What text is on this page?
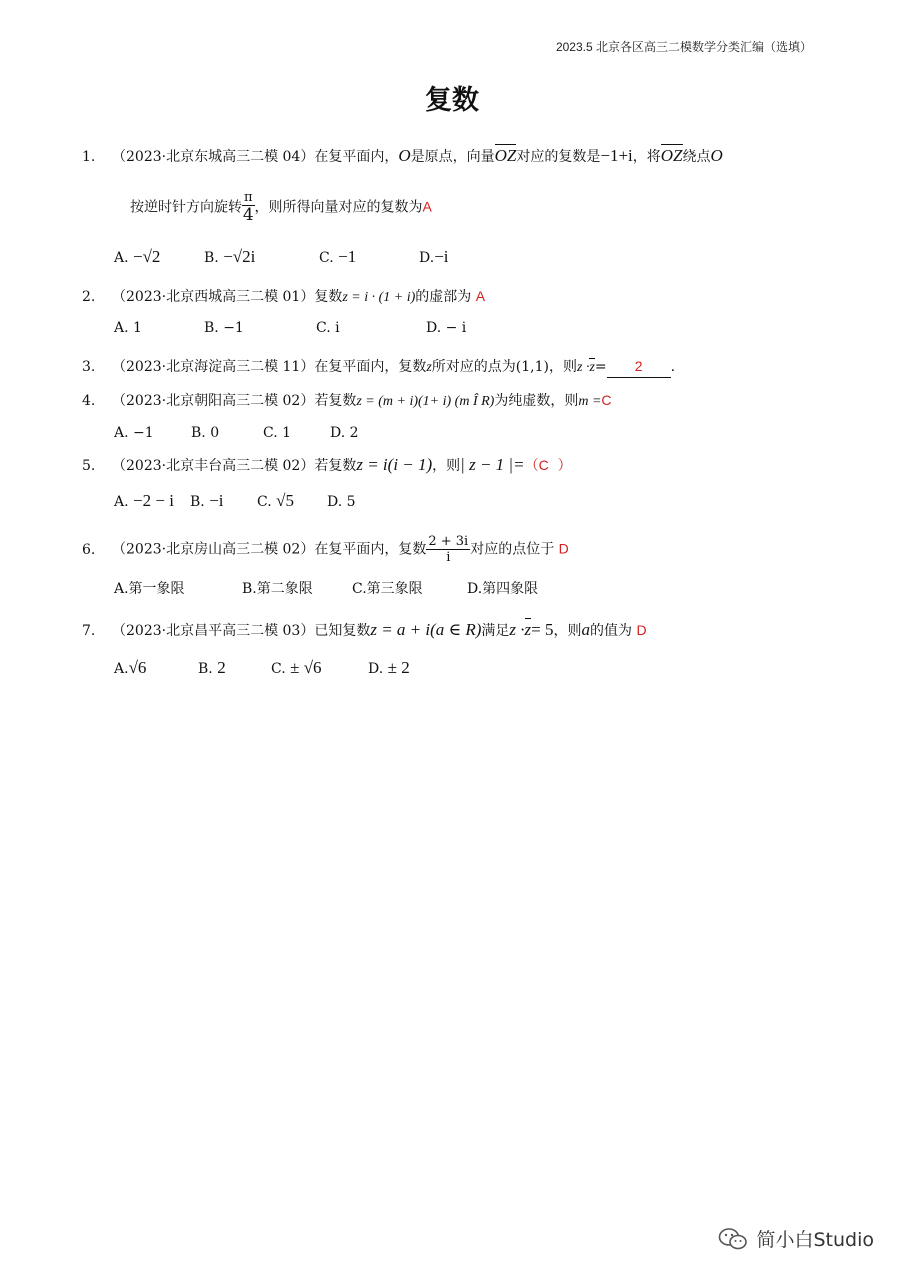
2023.5 北京各区高三二模数学分类汇编（选填）
复数
1. （2023·北京东城高三二模 04）在复平面内，O是原点，向量OZ对应的复数是−1+i，将OZ绕点O
按逆时针方向旋转 $\frac{\pi}{4}$ ，则所得向量对应的复数为A
A. −√2	B. −√2i	C. −1	D.−i
2. （2023·北京西城高三二模 01）复数z = i · (1 + i)的虚部为 A
A. 1	B. −1	C. i	D. − i
3. （2023·北京海淀高三二模 11）在复平面内，复数z所对应的点为(1,1)，则z ·z= 2 .
4. （2023·北京朝阳高三二模 02）若复数z = (m + i)(1+ i) (m Î R)为纯虚数，则m =C
A. −1	B. 0	C. 1	D. 2
5. （2023·北京丰台高三二模 02）若复数z = i(i − 1)，则| z − 1 |=（C ）
A. −2 − i B. −i C. √5 D. 5
6. （2023·北京房山高三二模 02）在复平面内，复数 $\frac{2 + 3i}{i}$ 对应的点位于 D
A.第一象限	B.第二象限	C.第三象限	D.第四象限
7. （2023·北京昌平高三二模 03）已知复数z = a + i(a ∈ R)满足z ·z= 5，则a的值为 D
A.√6	B. 2	C. ± √6	D. ± 2
简小白Studio
